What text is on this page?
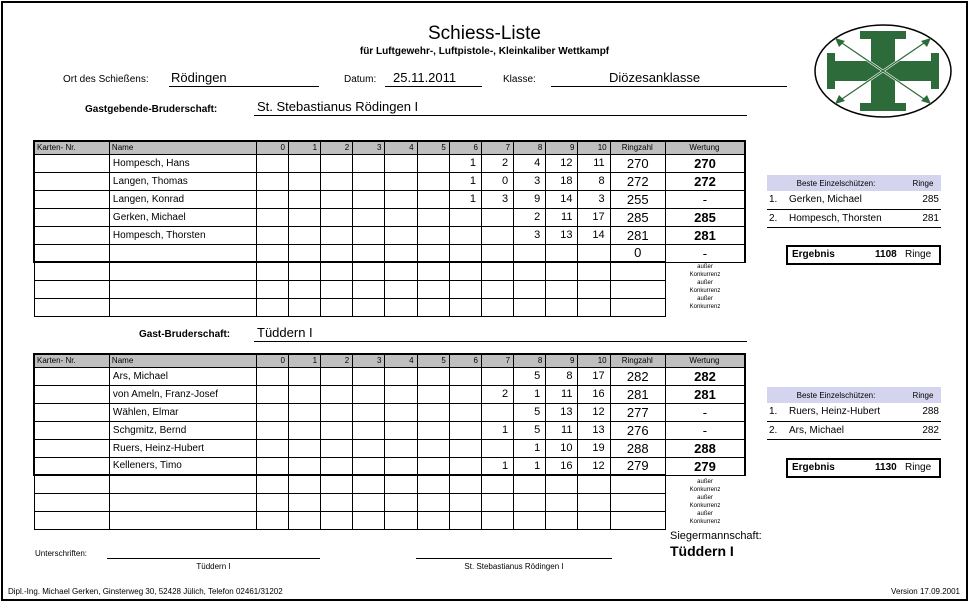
Schiess-Liste
für Luftgewehr-, Luftpistole-, Kleinkaliber Wettkampf
Ort des Schießens: Rödingen	Datum: 25.11.2011	Klasse:	Diözesanklasse
Gastgebende-Bruderschaft:	St. Stebastianus Rödingen I
Karten- Nr.	Name	0	1	2	3	4	5	6	7	8	9	10	Ringzahl	Wertung
	Hompesch, Hans							1	2	4	12	11	270	270
	Langen, Thomas							1	0	3	18	8	272	272
	Langen, Konrad							1	3	9	14	3	255	-
	Gerken, Michael									2	11	17	285	285
	Hompesch, Thorsten									3	13	14	281	281
													0	-

außer
Konkurrenz
außer
Konkurrenz
außer
Konkurrenz
Beste Einzelschützen:		Ringe
1.	Gerken, Michael	285
2.	Hompesch, Thorsten	281
Ergebnis	1108 Ringe
Gast-Bruderschaft: Tüddern I
Karten- Nr.	Name	0	1	2	3	4	5	6	7	8	9	10	Ringzahl	Wertung
	Ars, Michael									5	8	17	282	282
	von Ameln, Franz-Josef								2	1	11	16	281	281
	Wählen, Elmar									5	13	12	277	-
	Schgmitz, Bernd								1	5	11	13	276	-
	Ruers, Heinz-Hubert									1	10	19	288	288
	Kelleners, Timo								1	1	16	12	279	279

außer
Konkurrenz
außer
Konkurrenz
außer
Konkurrenz
Beste Einzelschützen:		Ringe
1.	Ruers, Heinz-Hubert	288
2.	Ars, Michael	282
Ergebnis	1130 Ringe
Siegermannschaft:
Tüddern I
Unterschriften:
Tüddern I	St. Stebastianus Rödingen I
Dipl.-Ing. Michael Gerken, Ginsterweg 30, 52428 Jülich, Telefon 02461/31202	Version 17.09.2001
